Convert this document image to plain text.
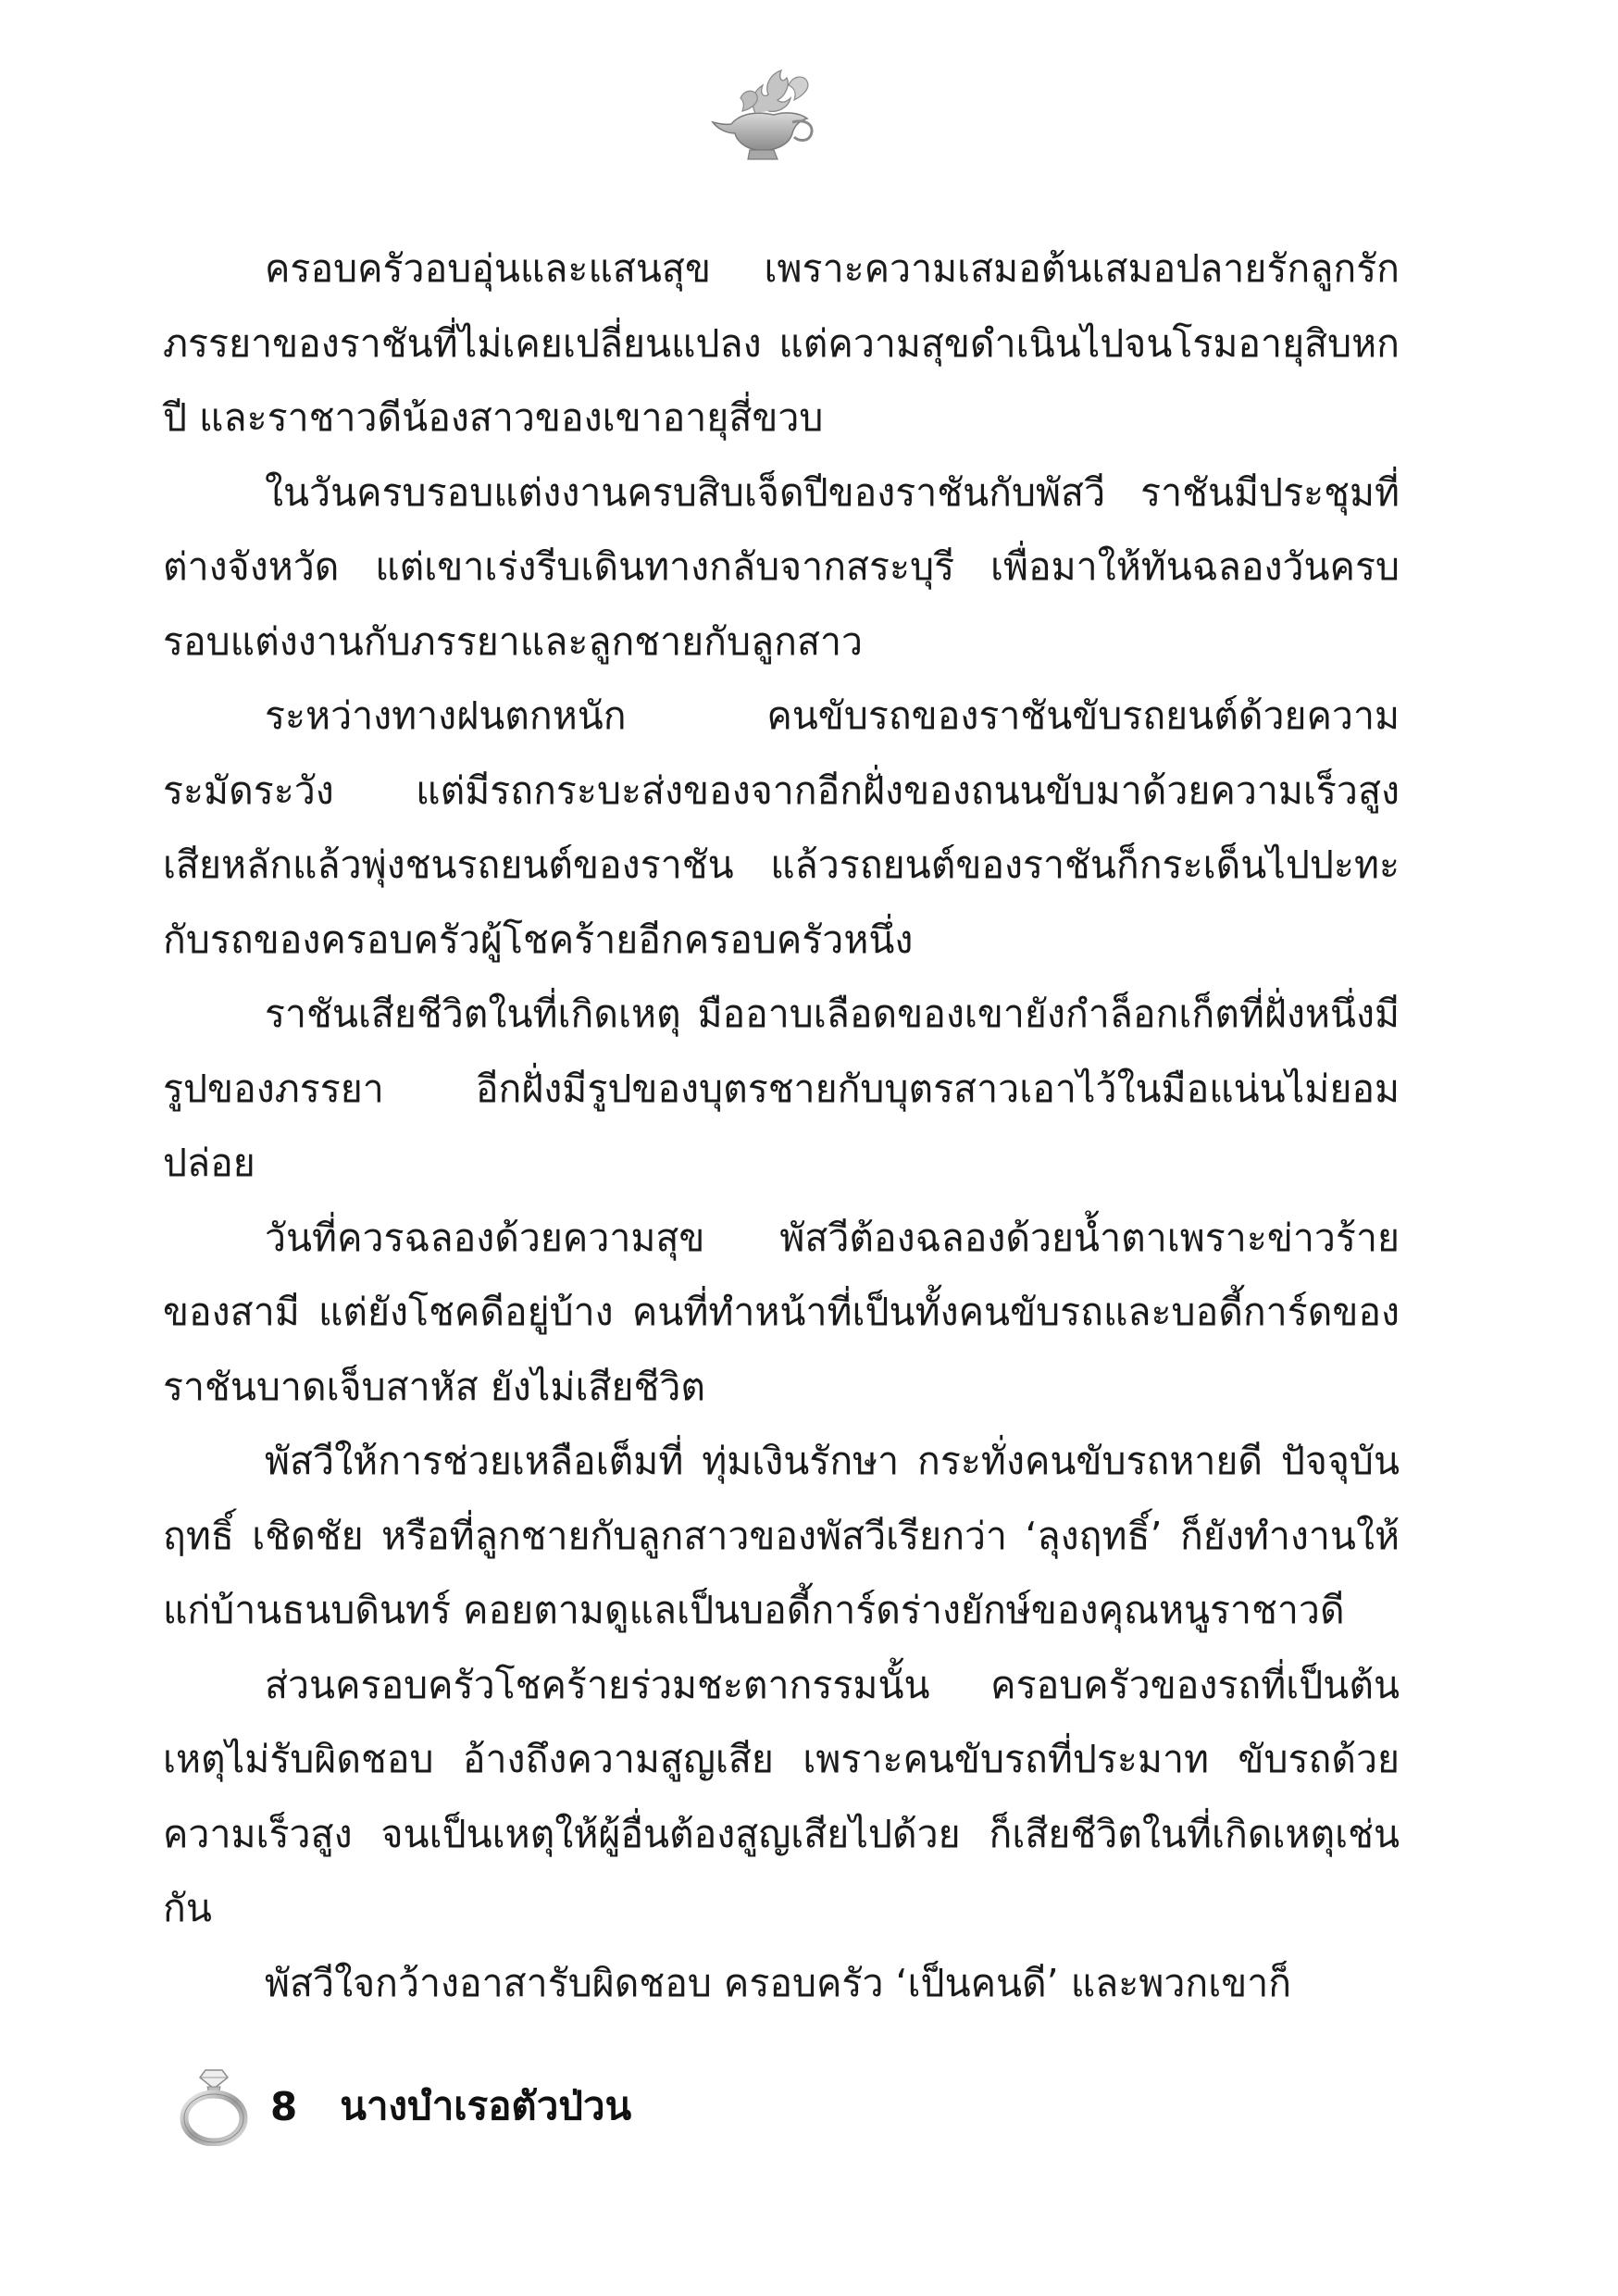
ครอบครัวอบอุ่นและแสนสุข เพราะความเสมอต้นเสมอปลายรักลูกรักภรรยาของราชันที่ไม่เคยเปลี่ยนแปลง แต่ความสุขดำเนินไปจนโรมอายุสิบหกปี และราชาวดีน้องสาวของเขาอายุสี่ขวบ

ในวันครบรอบแต่งงานครบสิบเจ็ดปีของราชันกับพัสวี ราชันมีประชุมที่ต่างจังหวัด แต่เขาเร่งรีบเดินทางกลับจากสระบุรี เพื่อมาให้ทันฉลองวันครบรอบแต่งงานกับภรรยาและลูกชายกับลูกสาว

ระหว่างทางฝนตกหนัก คนขับรถของราชันขับรถยนต์ด้วยความระมัดระวัง แต่มีรถกระบะส่งของจากอีกฝั่งของถนนขับมาด้วยความเร็วสูง เสียหลักแล้วพุ่งชนรถยนต์ของราชัน แล้วรถยนต์ของราชันก็กระเด็นไปปะทะกับรถของครอบครัวผู้โชคร้ายอีกครอบครัวหนึ่ง

ราชันเสียชีวิตในที่เกิดเหตุ มืออาบเลือดของเขายังกำล็อกเก็ตที่ฝั่งหนึ่งมีรูปของภรรยา อีกฝั่งมีรูปของบุตรชายกับบุตรสาวเอาไว้ในมือแน่นไม่ยอมปล่อย

วันที่ควรฉลองด้วยความสุข พัสวีต้องฉลองด้วยน้ำตาเพราะข่าวร้ายของสามี แต่ยังโชคดีอยู่บ้าง คนที่ทำหน้าที่เป็นทั้งคนขับรถและบอดี้การ์ดของราชันบาดเจ็บสาหัส ยังไม่เสียชีวิต

พัสวีให้การช่วยเหลือเต็มที่ ทุ่มเงินรักษา กระทั่งคนขับรถหายดี ปัจจุบัน ฤทธิ์ เชิดชัย หรือที่ลูกชายกับลูกสาวของพัสวีเรียกว่า ‘ลุงฤทธิ์’ ก็ยังทำงานให้แก่บ้านธนบดินทร์ คอยตามดูแลเป็นบอดี้การ์ดร่างยักษ์ของคุณหนูราชาวดี

ส่วนครอบครัวโชคร้ายร่วมชะตากรรมนั้น ครอบครัวของรถที่เป็นต้นเหตุไม่รับผิดชอบ อ้างถึงความสูญเสีย เพราะคนขับรถที่ประมาท ขับรถด้วยความเร็วสูง จนเป็นเหตุให้ผู้อื่นต้องสูญเสียไปด้วย ก็เสียชีวิตในที่เกิดเหตุเช่นกัน

พัสวีใจกว้างอาสารับผิดชอบ ครอบครัว ‘เป็นคนดี’ และพวกเขาก็

8 นางบำเรอตัวป่วน
